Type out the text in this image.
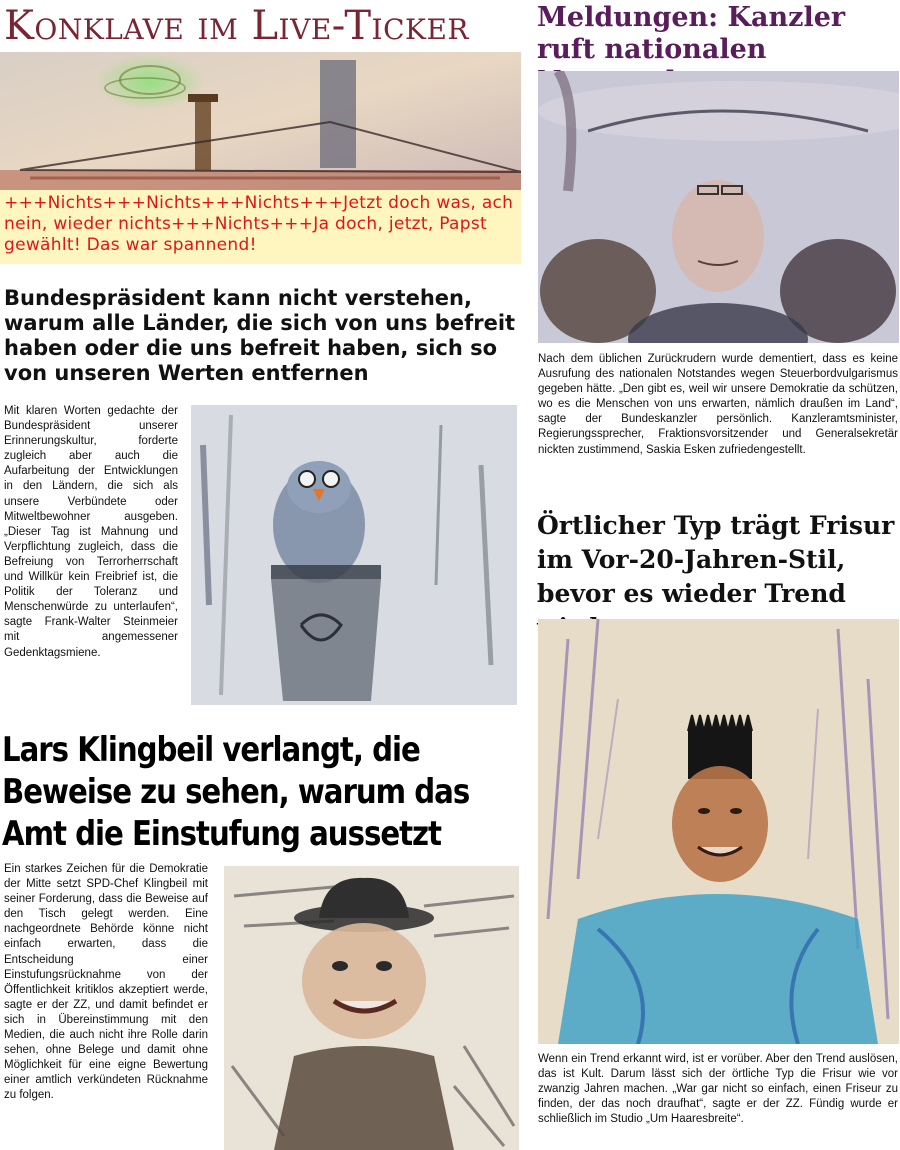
Konklave im Live-Ticker
+++Nichts+++Nichts+++Nichts+++Jetzt doch was, ach nein, wieder nichts+++Nichts+++Ja doch, jetzt, Papst gewählt! Das war spannend!
Bundespräsident kann nicht verstehen, warum alle Länder, die sich von uns befreit haben oder die uns befreit haben, sich so von unseren Werten entfernen
Mit klaren Worten gedachte der Bundespräsident unserer Erinnerungskultur, forderte zugleich aber auch die Aufarbeitung der Entwicklungen in den Ländern, die sich als unsere Verbündete oder Mitweltbewohner ausgeben. „Dieser Tag ist Mahnung und Verpflichtung zugleich, dass die Befreiung von Terrorherrschaft und Willkür kein Freibrief ist, die Politik der Toleranz und Menschenwürde zu unterlaufen“, sagte Frank-Walter Steinmeier mit angemessener Gedenktagsmiene.
Lars Klingbeil verlangt, die Beweise zu sehen, warum das Amt die Einstufung aussetzt
Ein starkes Zeichen für die Demokratie der Mitte setzt SPD-Chef Klingbeil mit seiner Forderung, dass die Beweise auf den Tisch gelegt werden. Eine nachgeordnete Behörde könne nicht einfach erwarten, dass die Entscheidung einer Einstufungsrücknahme von der Öffentlichkeit kritiklos akzeptiert werde, sagte er der ZZ, und damit befindet er sich in Übereinstimmung mit den Medien, die auch nicht ihre Rolle darin sehen, ohne Belege und damit ohne Möglichkeit für eine eigne Bewertung einer amtlich verkündeten Rücknahme zu folgen.
Meldungen: Kanzler ruft nationalen
Nach dem üblichen Zurückrudern wurde dementiert, dass es keine Ausrufung des nationalen Notstandes wegen Steuerbordvulgarismus gegeben hätte. „Den gibt es, weil wir unsere Demokratie da schützen, wo es die Menschen von uns erwarten, nämlich draußen im Land“, sagte der Bundeskanzler persönlich. Kanzleramtsminister, Regierungssprecher, Fraktionsvorsitzender und Generalsekretär nickten zustimmend, Saskia Esken zufriedengestellt.
Örtlicher Typ trägt Frisur im Vor-20-Jahren-Stil, bevor es wieder Trend
Wenn ein Trend erkannt wird, ist er vorüber. Aber den Trend auslösen, das ist Kult. Darum lässt sich der örtliche Typ die Frisur wie vor zwanzig Jahren machen. „War gar nicht so einfach, einen Friseur zu finden, der das noch draufhat“, sagte er der ZZ. Fündig wurde er schließlich im Studio „Um Haaresbreite“.
